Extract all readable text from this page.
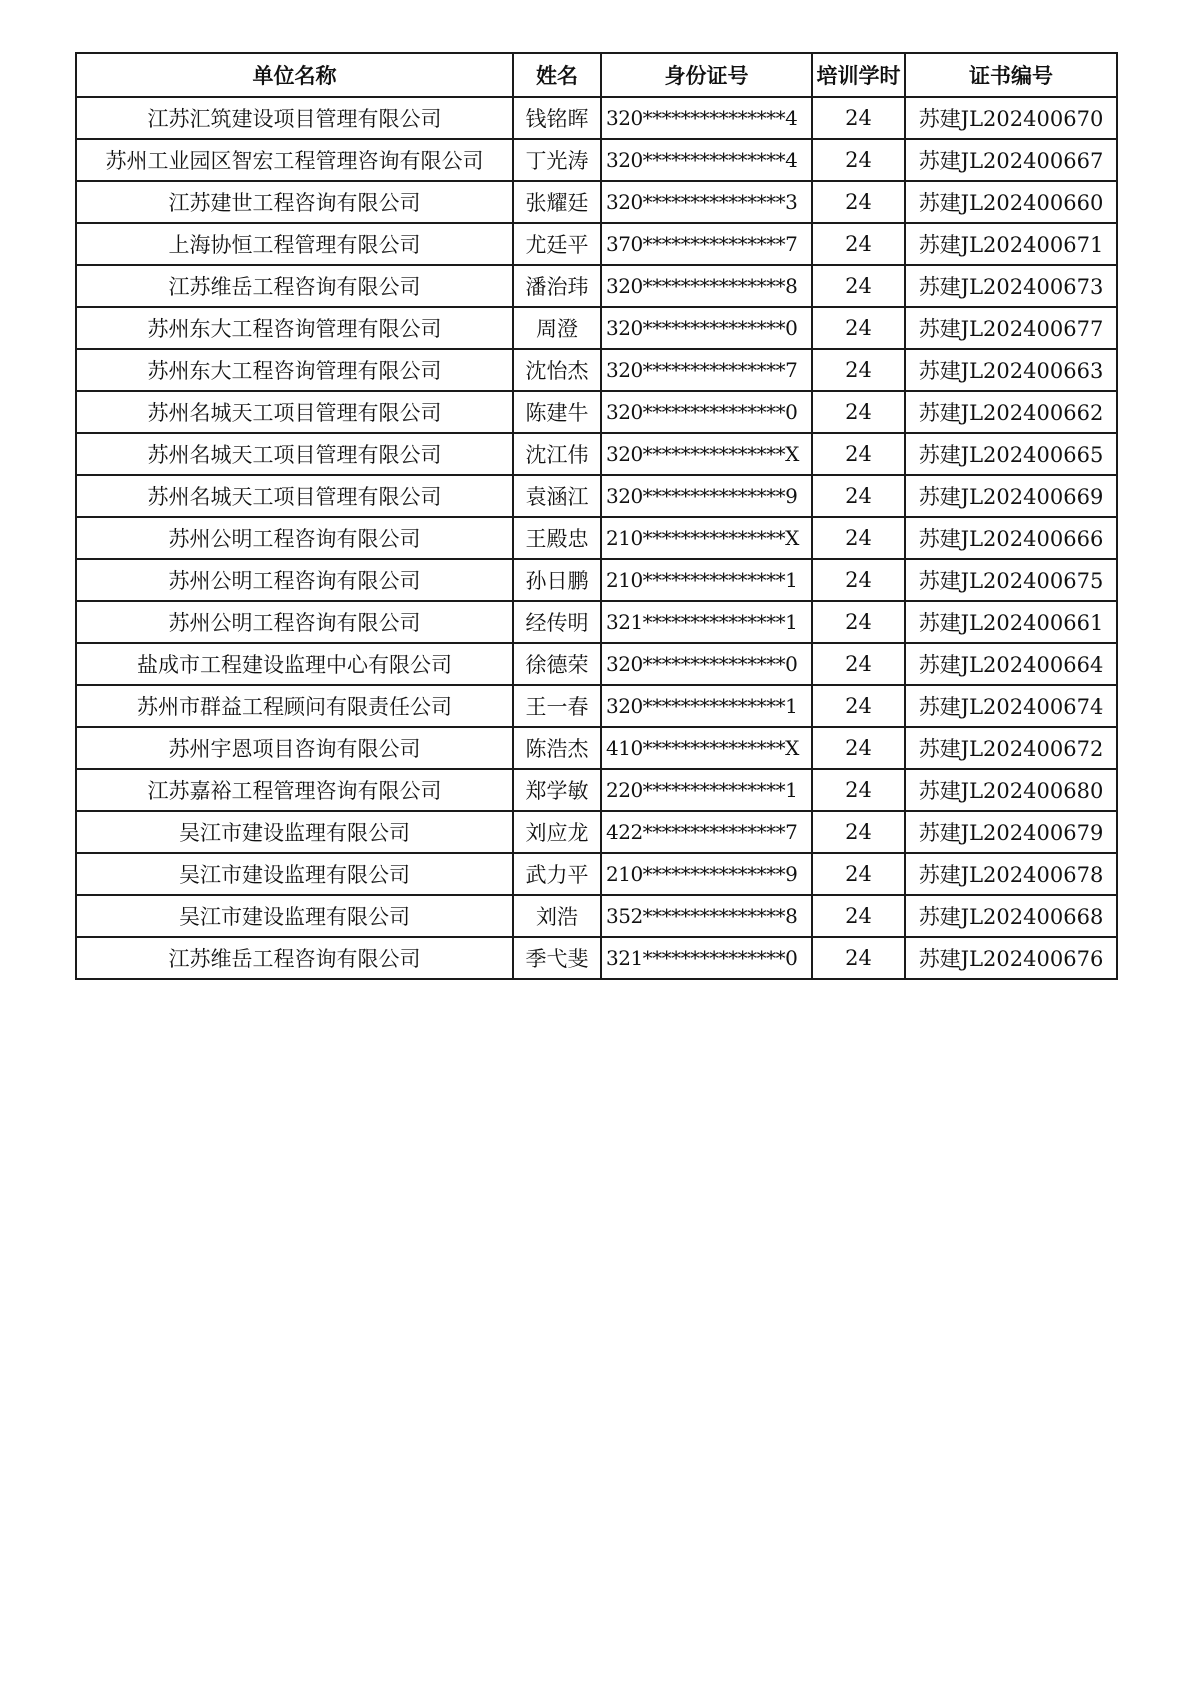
单位名称	姓名	身份证号	培训学时	证书编号
江苏汇筑建设项目管理有限公司	钱铭晖	320***************4	24	苏建JL202400670
苏州工业园区智宏工程管理咨询有限公司	丁光涛	320***************4	24	苏建JL202400667
江苏建世工程咨询有限公司	张耀廷	320***************3	24	苏建JL202400660
上海协恒工程管理有限公司	尤廷平	370***************7	24	苏建JL202400671
江苏维岳工程咨询有限公司	潘治玮	320***************8	24	苏建JL202400673
苏州东大工程咨询管理有限公司	周澄	320***************0	24	苏建JL202400677
苏州东大工程咨询管理有限公司	沈怡杰	320***************7	24	苏建JL202400663
苏州名城天工项目管理有限公司	陈建牛	320***************0	24	苏建JL202400662
苏州名城天工项目管理有限公司	沈江伟	320***************X	24	苏建JL202400665
苏州名城天工项目管理有限公司	袁涵江	320***************9	24	苏建JL202400669
苏州公明工程咨询有限公司	王殿忠	210***************X	24	苏建JL202400666
苏州公明工程咨询有限公司	孙日鹏	210***************1	24	苏建JL202400675
苏州公明工程咨询有限公司	经传明	321***************1	24	苏建JL202400661
盐成市工程建设监理中心有限公司	徐德荣	320***************0	24	苏建JL202400664
苏州市群益工程顾问有限责任公司	王一春	320***************1	24	苏建JL202400674
苏州宇恩项目咨询有限公司	陈浩杰	410***************X	24	苏建JL202400672
江苏嘉裕工程管理咨询有限公司	郑学敏	220***************1	24	苏建JL202400680
吴江市建设监理有限公司	刘应龙	422***************7	24	苏建JL202400679
吴江市建设监理有限公司	武力平	210***************9	24	苏建JL202400678
吴江市建设监理有限公司	刘浩	352***************8	24	苏建JL202400668
江苏维岳工程咨询有限公司	季弋斐	321***************0	24	苏建JL202400676
